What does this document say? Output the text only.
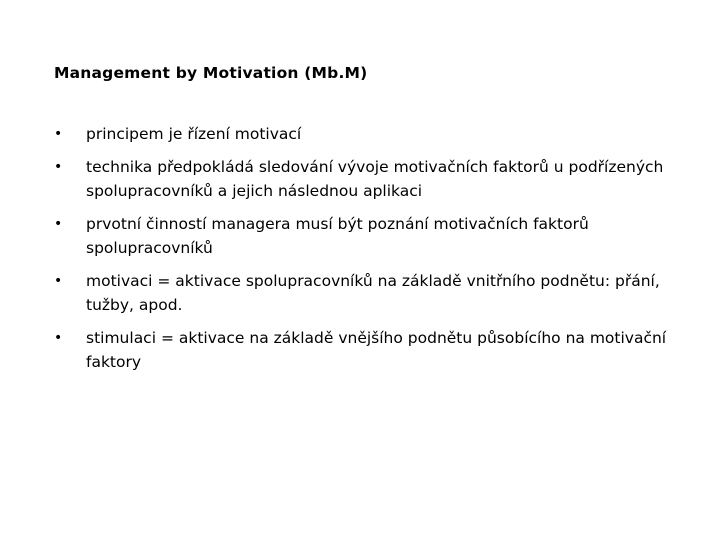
Management by Motivation (Mb.M)
• principem je řízení motivací
• technika předpokládá sledování vývoje motivačních faktorů u podřízených spolupracovníků a jejich následnou aplikaci
• prvotní činností managera musí být poznání motivačních faktorů spolupracovníků
• motivaci = aktivace spolupracovníků na základě vnitřního podnětu: přání, tužby, apod.
• stimulaci = aktivace na základě vnějšího podnětu působícího na motivační faktory
